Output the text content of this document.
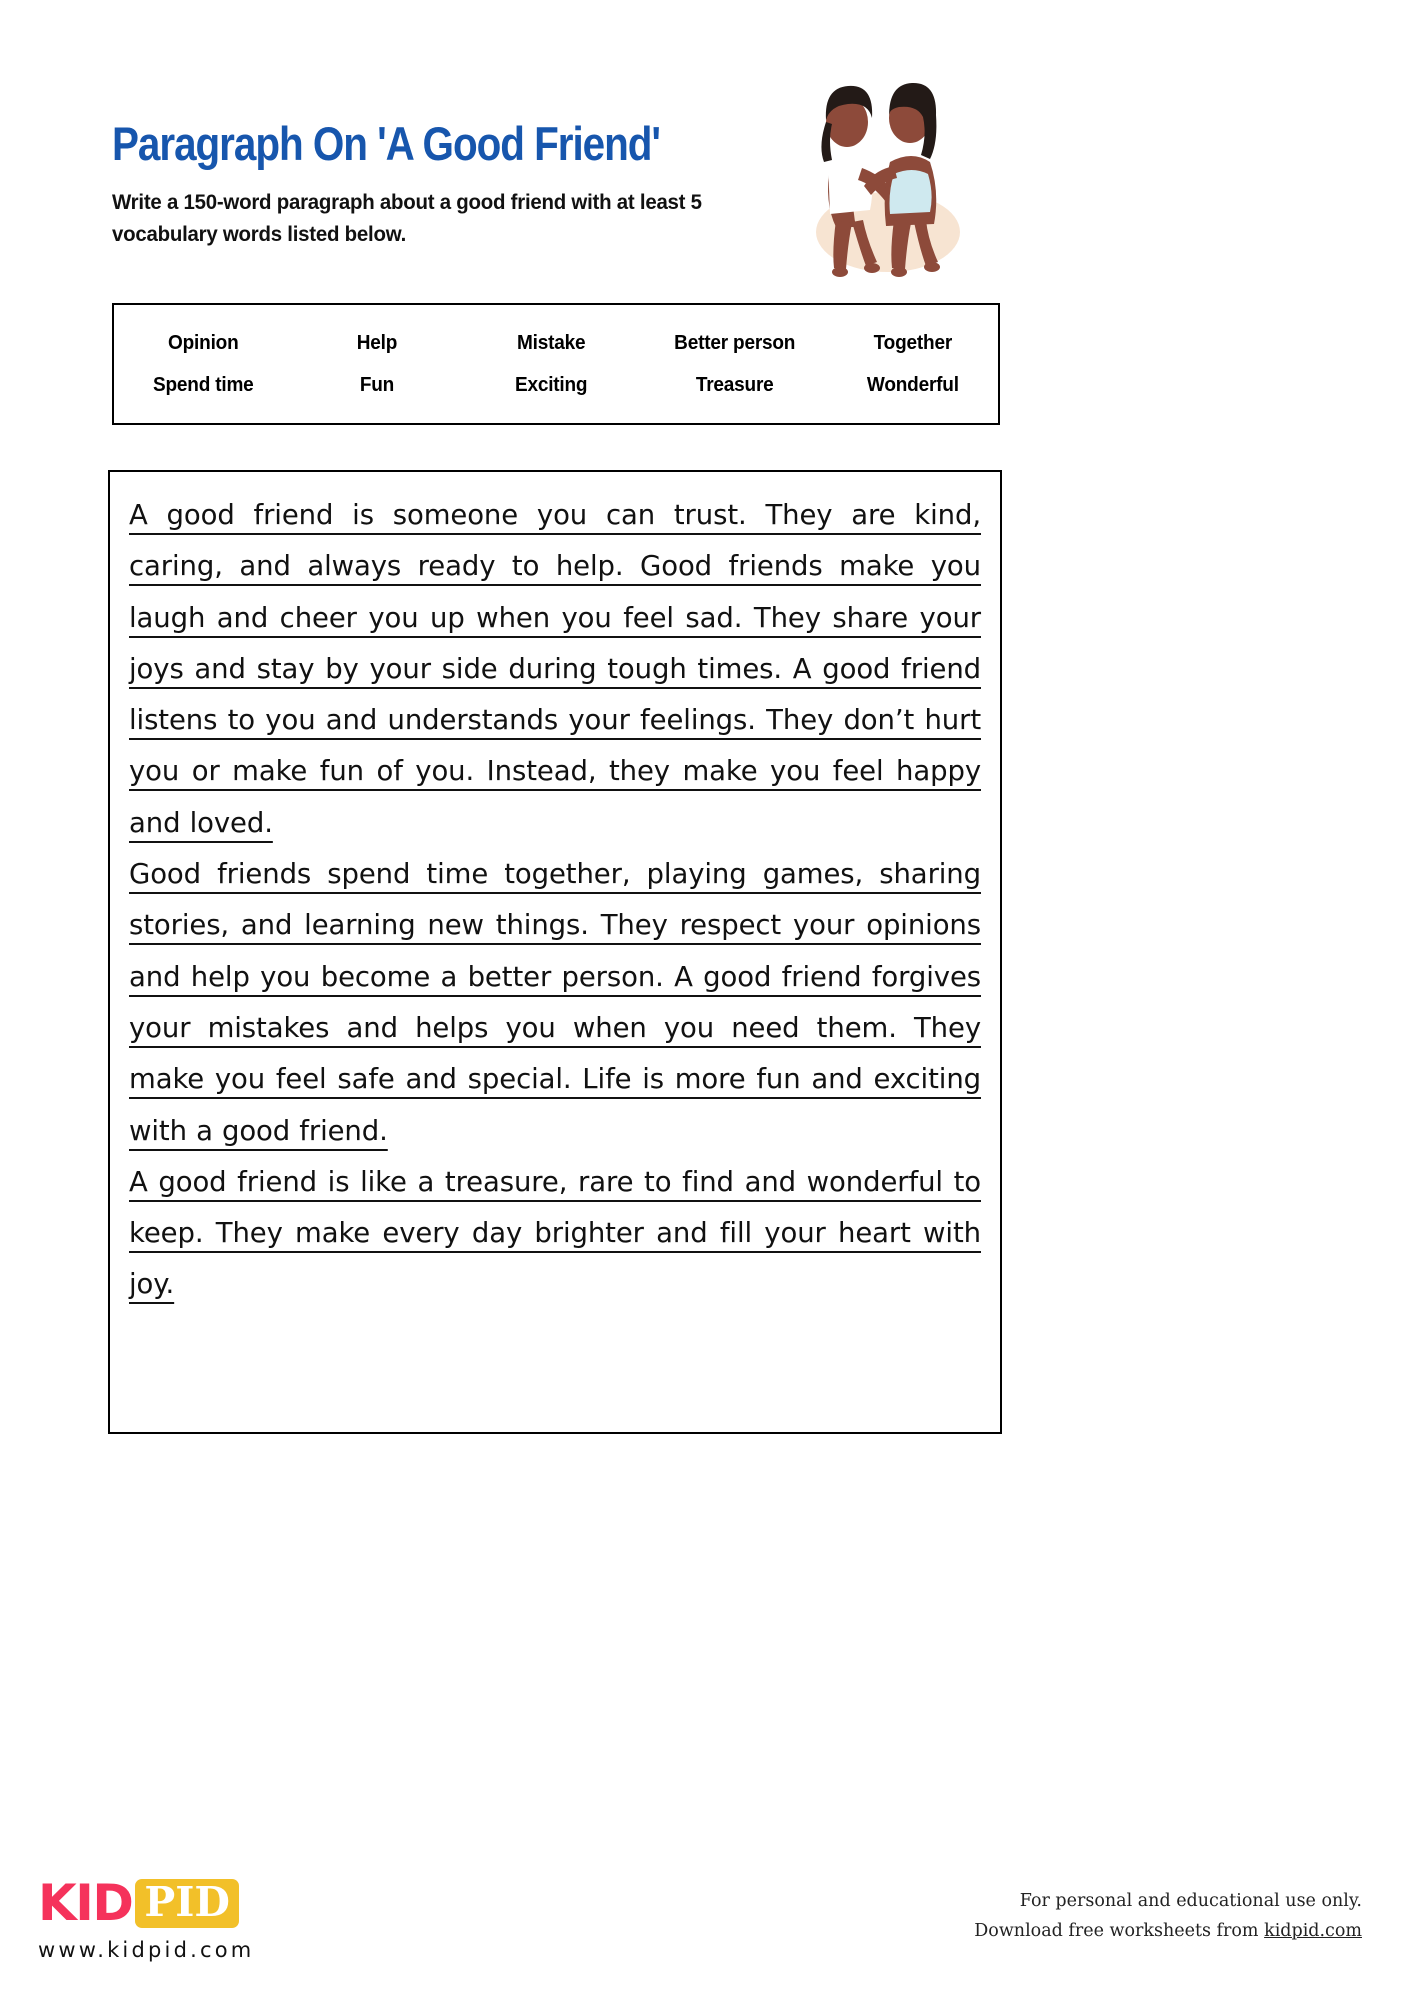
Paragraph On 'A Good Friend'
Write a 150-word paragraph about a good friend with at least 5 vocabulary words listed below.
Opinion	Help	Mistake	Better person	Together
Spend time	Fun	Exciting	Treasure	Wonderful
A good friend is someone you can trust. They are kind, caring, and always ready to help. Good friends make you laugh and cheer you up when you feel sad. They share your joys and stay by your side during tough times. A good friend listens to you and understands your feelings. They don’t hurt you or make fun of you. Instead, they make you feel happy and loved.
Good friends spend time together, playing games, sharing stories, and learning new things. They respect your opinions and help you become a better person. A good friend forgives your mistakes and helps you when you need them. They make you feel safe and special. Life is more fun and exciting with a good friend.
A good friend is like a treasure, rare to find and wonderful to keep. They make every day brighter and fill your heart with joy.
KID PID
www.kidpid.com
For personal and educational use only.
Download free worksheets from kidpid.com
